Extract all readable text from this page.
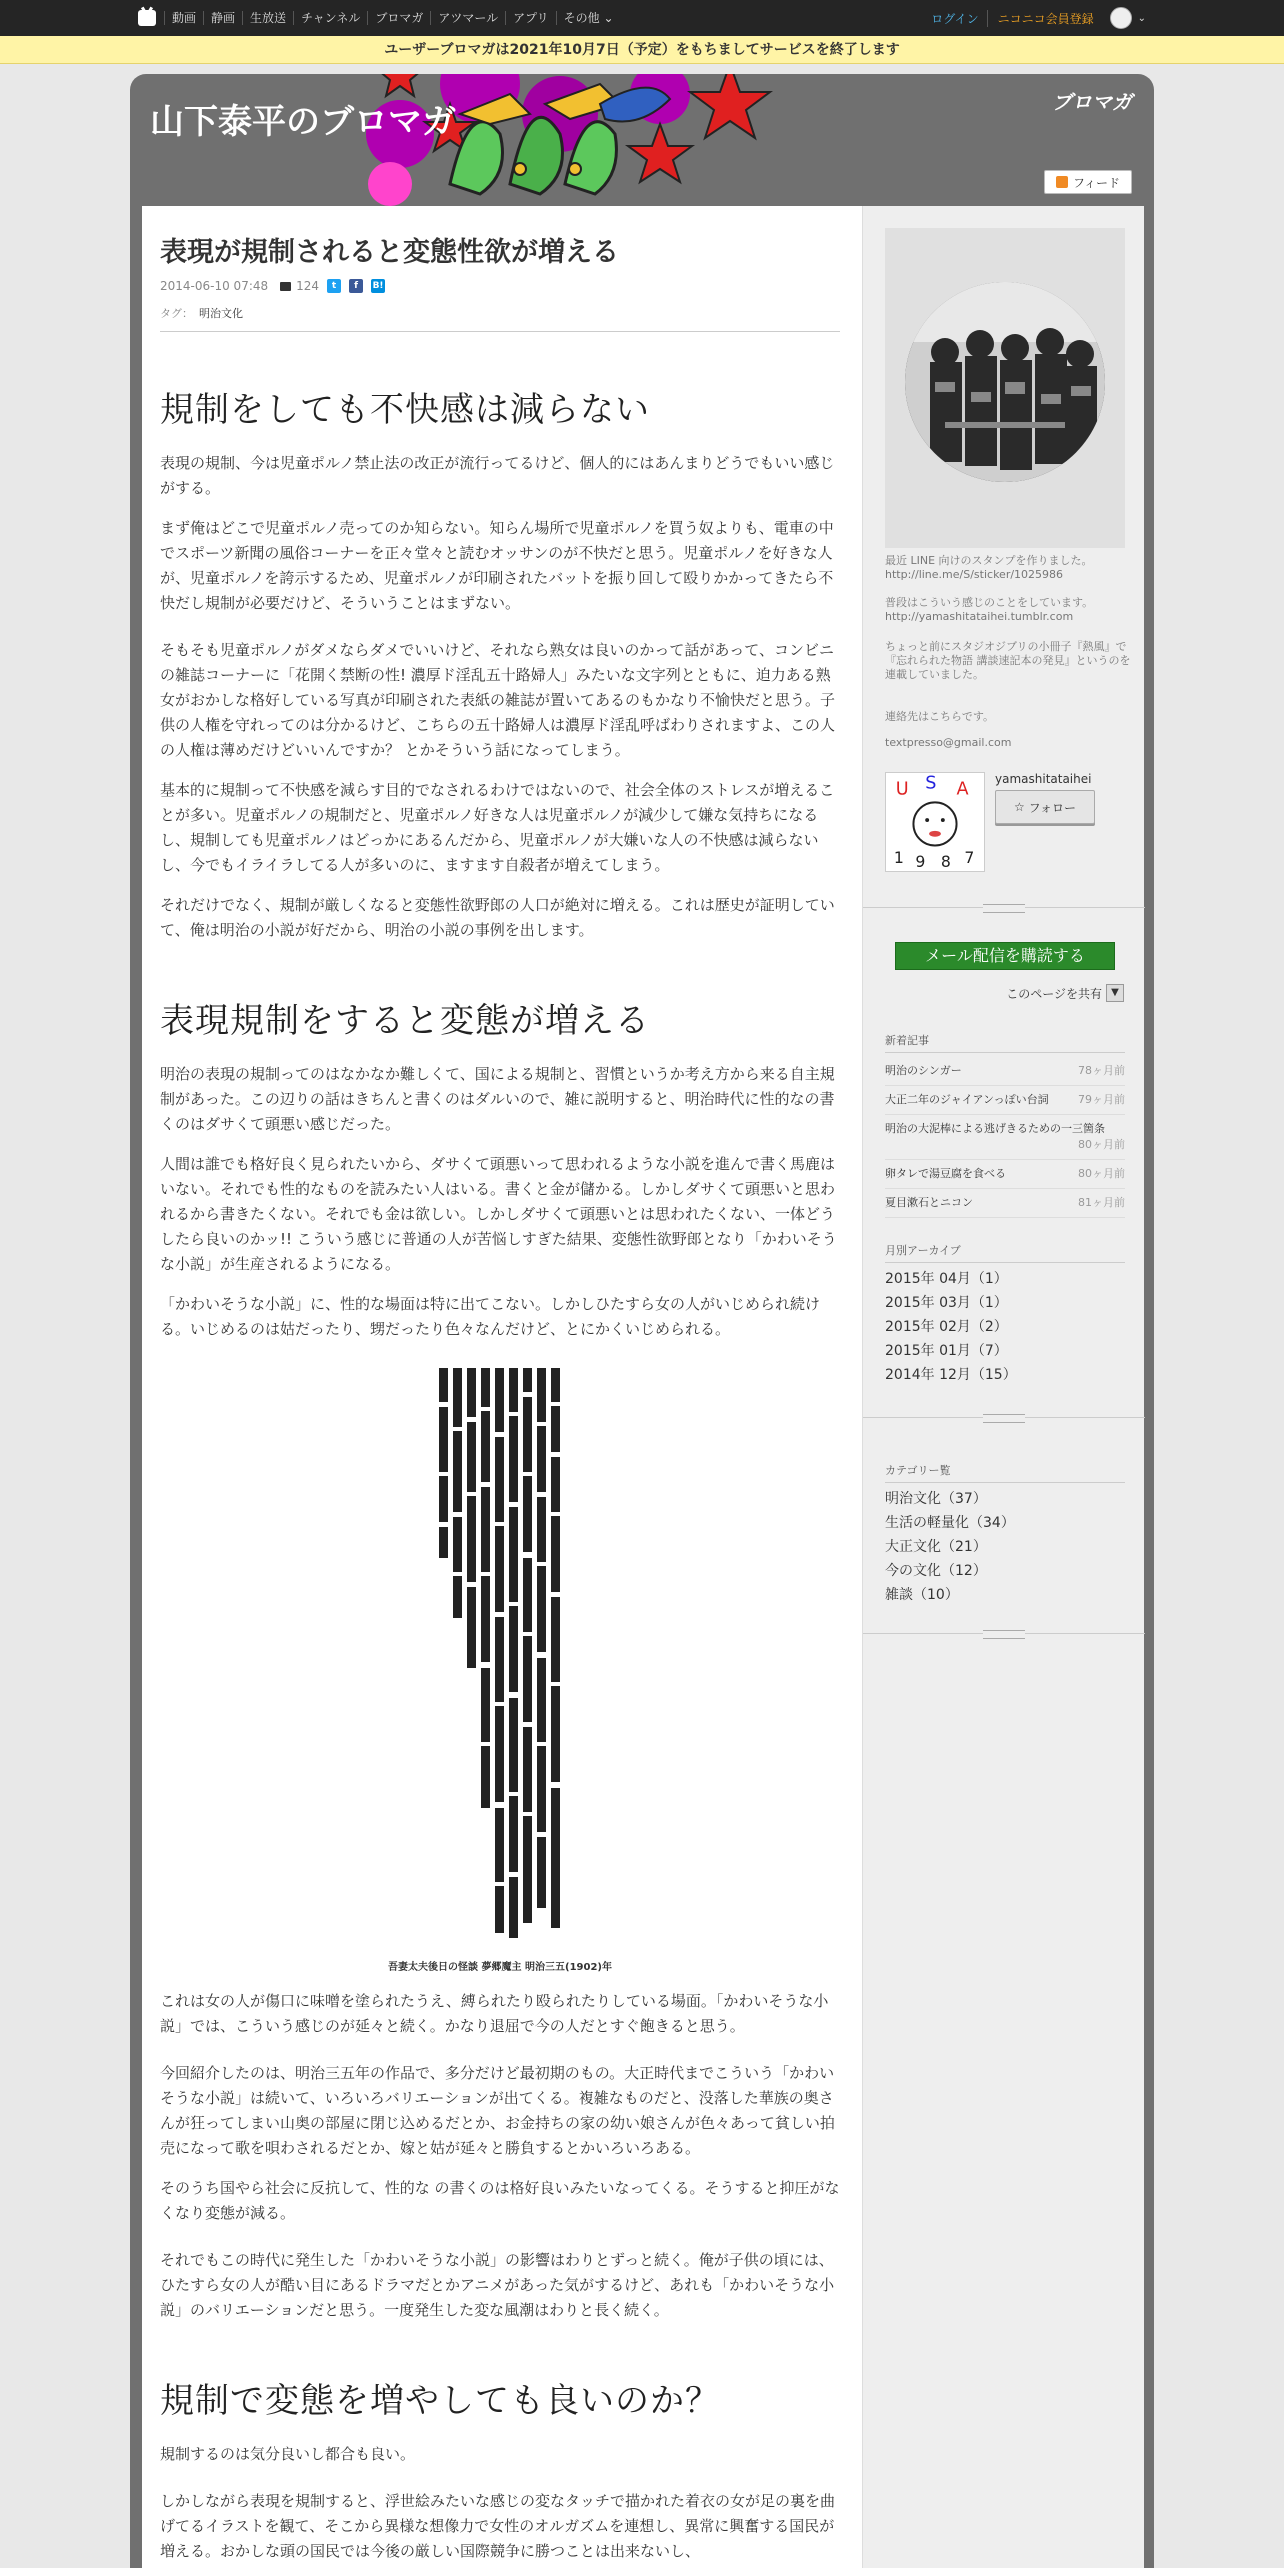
動画	静画	生放送	チャンネル	ブロマガ	アツマール	アプリ	その他 ⌄	ログイン	ニコニコ会員登録	⌄
ユーザーブロマガは2021年10月7日（予定）をもちましてサービスを終了します
山下泰平のブロマガ	ブロマガ
フィード
表現が規制されると変態性欲が増える
2014-06-10 07:48 124	t	f	B!
タグ： 明治文化
規制をしても不快感は減らない

表現の規制、今は児童ポルノ禁止法の改正が流行ってるけど、個人的にはあんまりどうでもいい感じがする。

まず俺はどこで児童ポルノ売ってのか知らない。知らん場所で児童ポルノを買う奴よりも、電車の中でスポーツ新聞の風俗コーナーを正々堂々と読むオッサンのが不快だと思う。児童ポルノを好きな人が、児童ポルノを誇示するため、児童ポルノが印刷されたバットを振り回して殴りかかってきたら不快だし規制が必要だけど、そういうことはまずない。

そもそも児童ポルノがダメならダメでいいけど、それなら熟女は良いのかって話があって、コンビニの雑誌コーナーに「花開く禁断の性! 濃厚ド淫乱五十路婦人」みたいな文字列とともに、迫力ある熟女がおかしな格好している写真が印刷された表紙の雑誌が置いてあるのもかなり不愉快だと思う。子供の人権を守れってのは分かるけど、こちらの五十路婦人は濃厚ド淫乱呼ばわりされますよ、この人の人権は薄めだけどいいんですか？ とかそういう話になってしまう。

基本的に規制って不快感を減らす目的でなされるわけではないので、社会全体のストレスが増えることが多い。児童ポルノの規制だと、児童ポルノ好きな人は児童ポルノが減少して嫌な気持ちになるし、規制しても児童ポルノはどっかにあるんだから、児童ポルノが大嫌いな人の不快感は減らないし、今でもイライラしてる人が多いのに、ますます自殺者が増えてしまう。

それだけでなく、規制が厳しくなると変態性欲野郎の人口が絶対に増える。これは歴史が証明していて、俺は明治の小説が好だから、明治の小説の事例を出します。

表現規制をすると変態が増える

明治の表現の規制ってのはなかなか難しくて、国による規制と、習慣というか考え方から来る自主規制があった。この辺りの話はきちんと書くのはダルいので、雑に説明すると、明治時代に性的なの書くのはダサくて頭悪い感じだった。

人間は誰でも格好良く見られたいから、ダサくて頭悪いって思われるような小説を進んで書く馬鹿はいない。それでも性的なものを読みたい人はいる。書くと金が儲かる。しかしダサくて頭悪いと思われるから書きたくない。それでも金は欲しい。しかしダサくて頭悪いとは思われたくない、一体どうしたら良いのかッ!! こういう感じに普通の人が苦悩しすぎた結果、変態性欲野郎となり「かわいそうな小説」が生産されるようになる。

「かわいそうな小説」に、性的な場面は特に出てこない。しかしひたすら女の人がいじめられ続ける。いじめるのは姑だったり、甥だったり色々なんだけど、とにかくいじめられる。

吾妻太夫後日の怪談 夢郷魔主 明治三五(1902)年

これは女の人が傷口に味噌を塗られたうえ、縛られたり殴られたりしている場面。「かわいそうな小説」では、こういう感じのが延々と続く。かなり退屈で今の人だとすぐ飽きると思う。

今回紹介したのは、明治三五年の作品で、多分だけど最初期のもの。大正時代までこういう「かわいそうな小説」は続いて、いろいろバリエーションが出てくる。複雑なものだと、没落した華族の奥さんが狂ってしまい山奥の部屋に閉じ込めるだとか、お金持ちの家の幼い娘さんが色々あって貧しい拍売になって歌を唄わされるだとか、嫁と姑が延々と勝負するとかいろいろある。

そのうち国やら社会に反抗して、性的な の書くのは格好良いみたいなってくる。そうすると抑圧がなくなり変態が減る。

それでもこの時代に発生した「かわいそうな小説」の影響はわりとずっと続く。俺が子供の頃には、ひたすら女の人が酷い目にあるドラマだとかアニメがあった気がするけど、あれも「かわいそうな小説」のバリエーションだと思う。一度発生した変な風潮はわりと長く続く。

規制で変態を増やしても良いのか？

規制するのは気分良いし都合も良い。

しかしながら表現を規制すると、浮世絵みたいな感じの変なタッチで描かれた着衣の女が足の裏を曲げてるイラストを観て、そこから異様な想像力で女性のオルガズムを連想し、異常に興奮する国民が増える。おかしな頭の国民では今後の厳しい国際競争に勝つことは出来ないし、

最近 LINE 向けのスタンプを作りました。http://line.me/S/sticker/1025986
普段はこういう感じのことをしています。http://yamashitataihei.tumblr.com
ちょっと前にスタジオジブリの小冊子『熱風』で『忘れられた物語 講談速記本の発見』というのを連載していました。
連絡先はこちらです。
textpresso@gmail.com
U S A
1 9 8 7
yamashitataihei
☆ フォロー
メール配信を購読する
このページを共有 ▼
新着記事
明治のシンガー	78ヶ月前
大正二年のジャイアンっぽい台詞	79ヶ月前
明治の大泥棒による逃げきるための一三箇条
80ヶ月前
卵タレで湯豆腐を食べる	80ヶ月前
夏目漱石とニコン	81ヶ月前
月別アーカイブ
2015年 04月（1）
2015年 03月（1）
2015年 02月（2）
2015年 01月（7）
2014年 12月（15）
カテゴリー覧
明治文化（37）
生活の軽量化（34）
大正文化（21）
今の文化（12）
雑談（10）
